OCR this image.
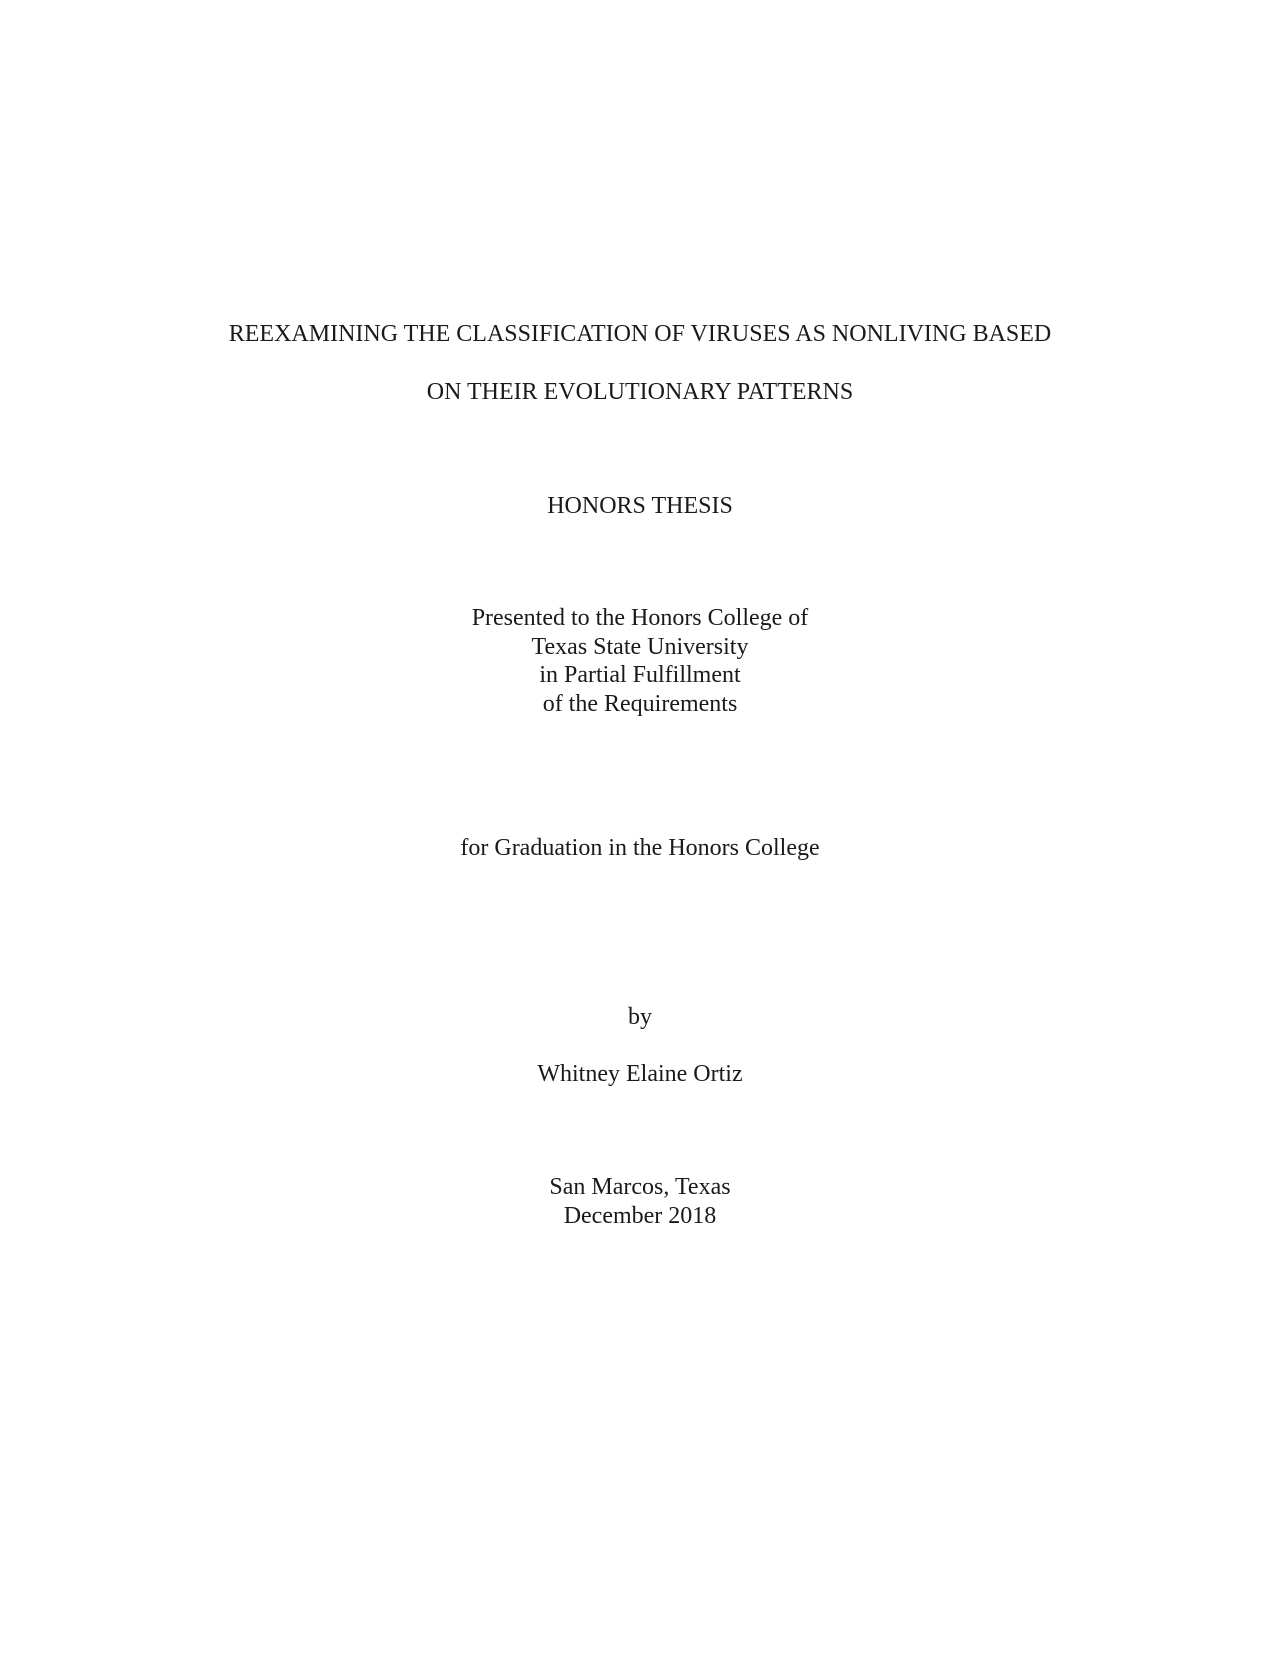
REEXAMINING THE CLASSIFICATION OF VIRUSES AS NONLIVING BASED
ON THEIR EVOLUTIONARY PATTERNS
HONORS THESIS
Presented to the Honors College of
Texas State University
in Partial Fulfillment
of the Requirements
for Graduation in the Honors College
by
Whitney Elaine Ortiz
San Marcos, Texas
December 2018
